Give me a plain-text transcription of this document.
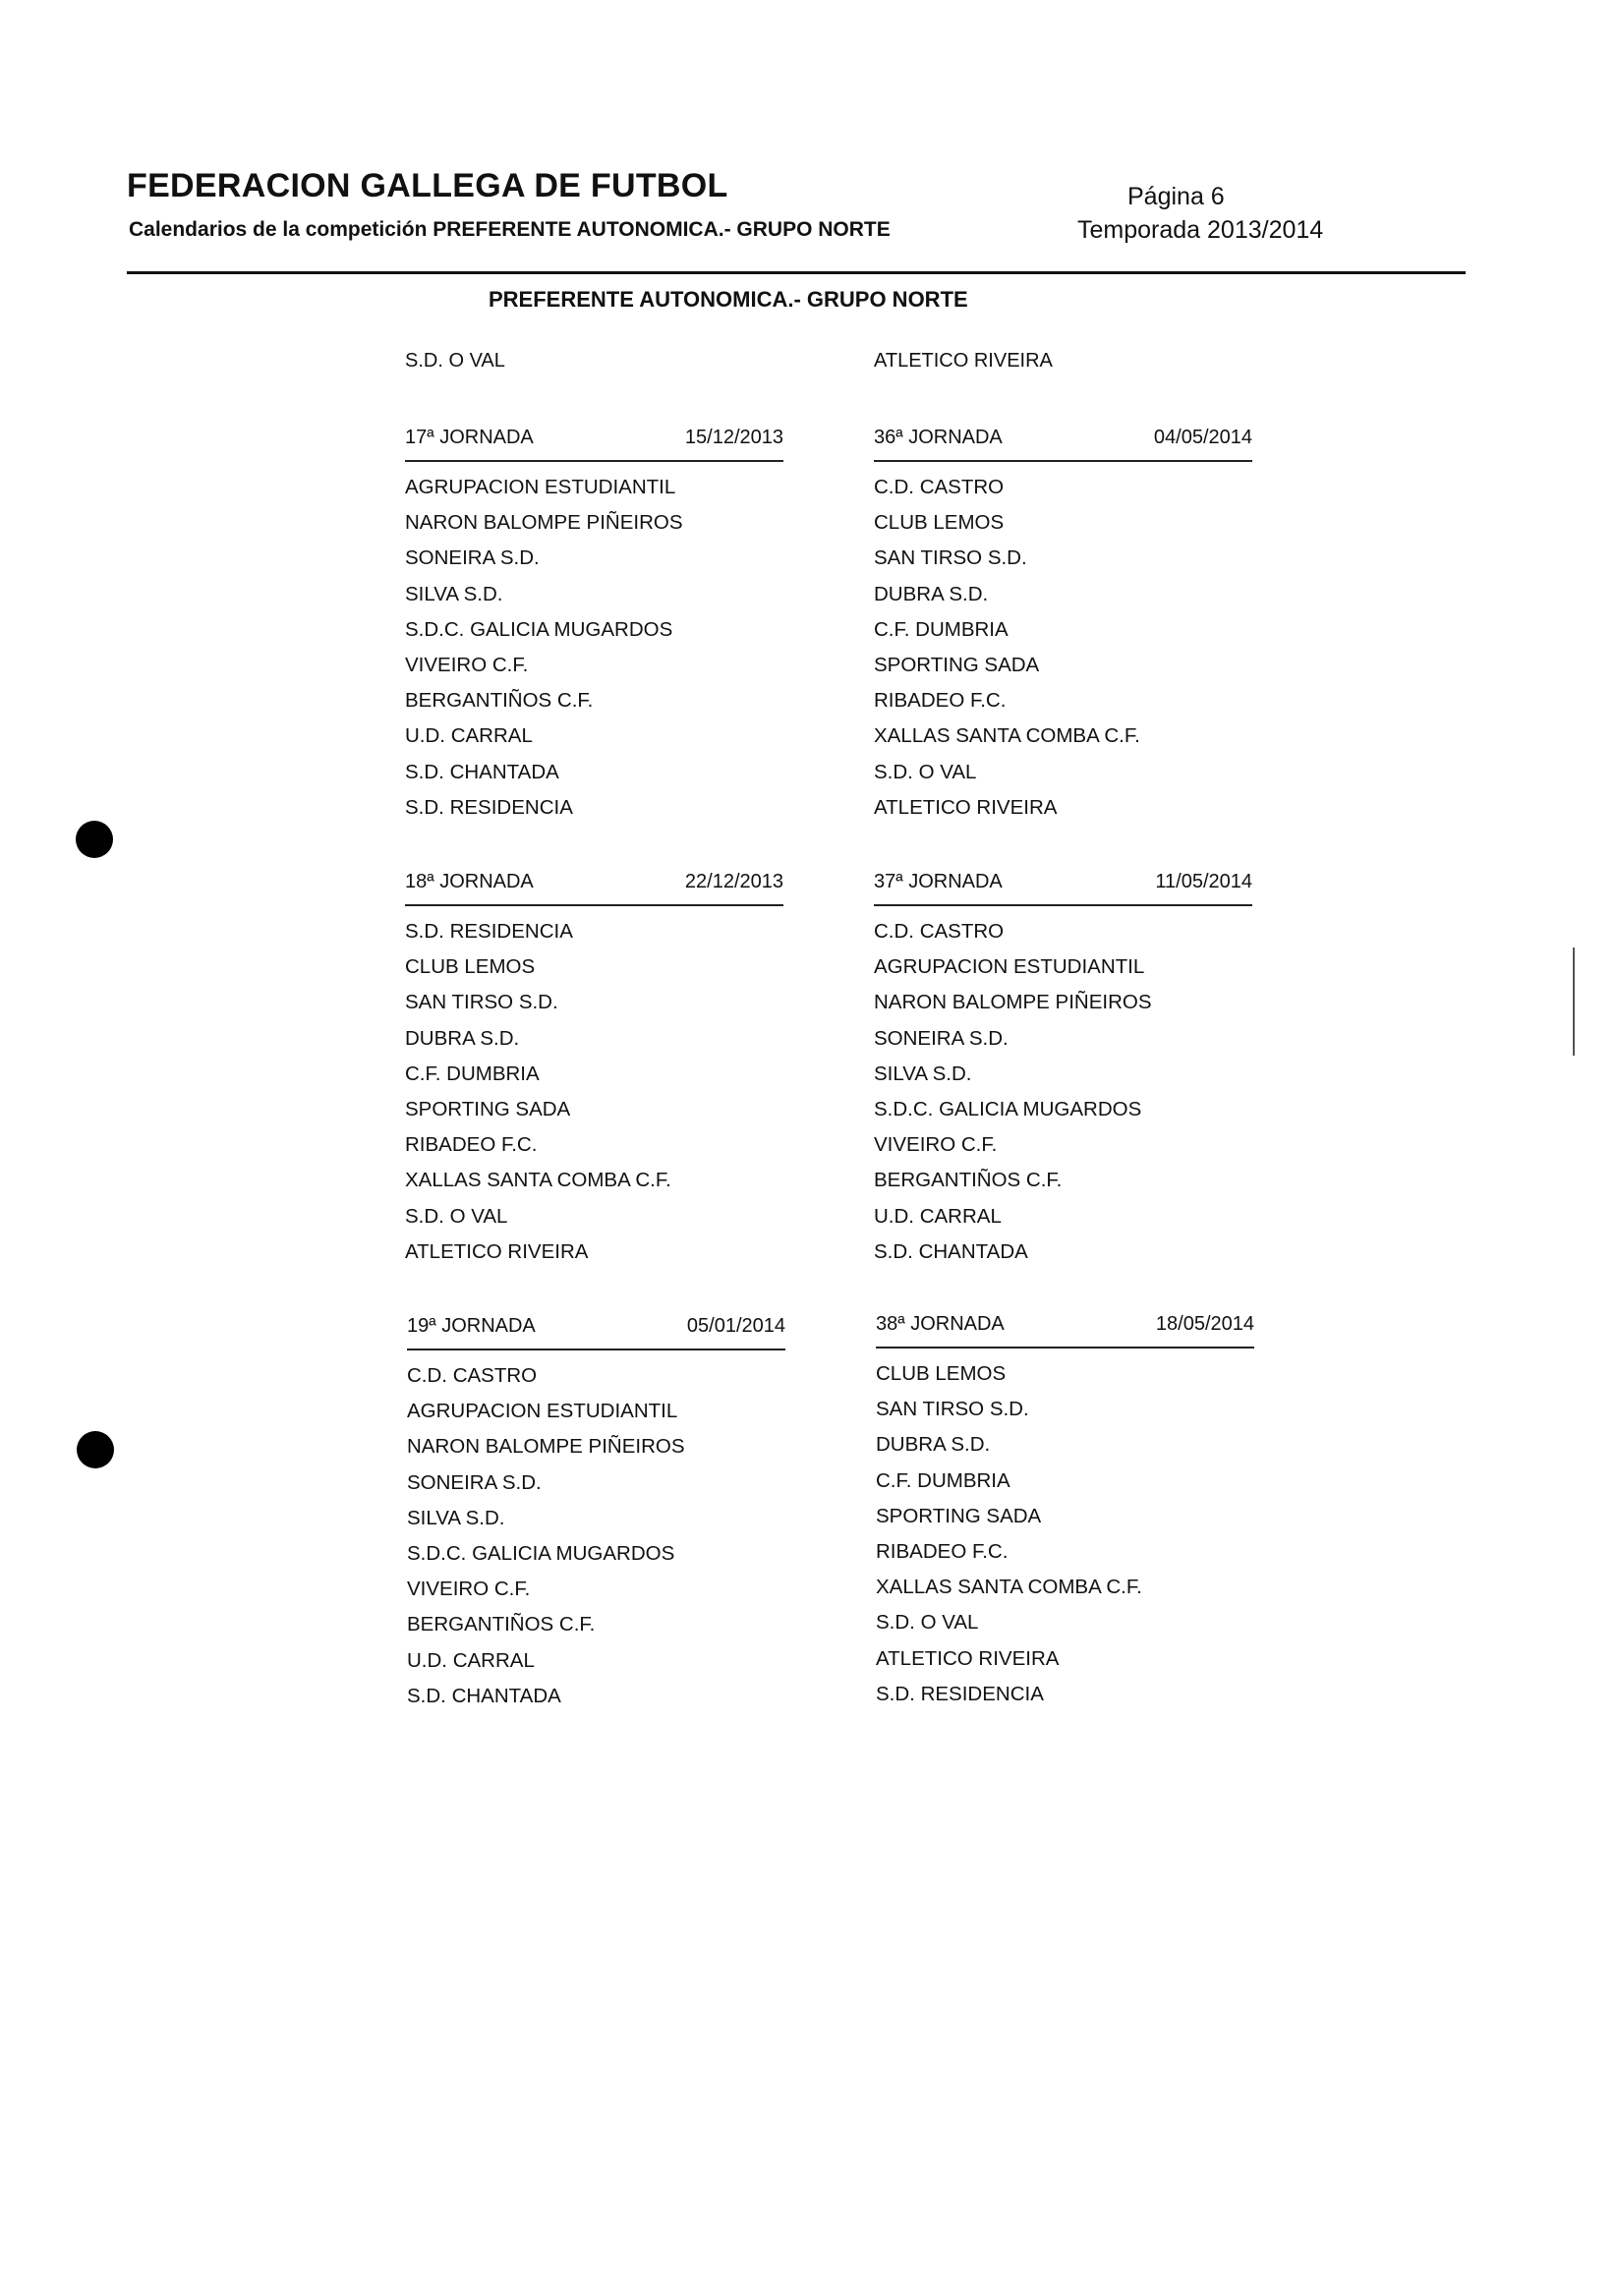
FEDERACION GALLEGA DE FUTBOL
Calendarios de la competición PREFERENTE AUTONOMICA.- GRUPO NORTE
Página 6
Temporada 2013/2014
PREFERENTE AUTONOMICA.- GRUPO NORTE
S.D. O VAL	ATLETICO RIVEIRA
17ª JORNADA	15/12/2013
AGRUPACION ESTUDIANTIL
NARON BALOMPE PIÑEIROS
SONEIRA S.D.
SILVA S.D.
S.D.C. GALICIA MUGARDOS
VIVEIRO C.F.
BERGANTIÑOS C.F.
U.D. CARRAL
S.D. CHANTADA
S.D. RESIDENCIA
36ª JORNADA	04/05/2014
C.D. CASTRO
CLUB LEMOS
SAN TIRSO S.D.
DUBRA S.D.
C.F. DUMBRIA
SPORTING SADA
RIBADEO F.C.
XALLAS SANTA COMBA C.F.
S.D. O VAL
ATLETICO RIVEIRA
18ª JORNADA	22/12/2013
S.D. RESIDENCIA
CLUB LEMOS
SAN TIRSO S.D.
DUBRA S.D.
C.F. DUMBRIA
SPORTING SADA
RIBADEO F.C.
XALLAS SANTA COMBA C.F.
S.D. O VAL
ATLETICO RIVEIRA
37ª JORNADA	11/05/2014
C.D. CASTRO
AGRUPACION ESTUDIANTIL
NARON BALOMPE PIÑEIROS
SONEIRA S.D.
SILVA S.D.
S.D.C. GALICIA MUGARDOS
VIVEIRO C.F.
BERGANTIÑOS C.F.
U.D. CARRAL
S.D. CHANTADA
19ª JORNADA	05/01/2014
C.D. CASTRO
AGRUPACION ESTUDIANTIL
NARON BALOMPE PIÑEIROS
SONEIRA S.D.
SILVA S.D.
S.D.C. GALICIA MUGARDOS
VIVEIRO C.F.
BERGANTIÑOS C.F.
U.D. CARRAL
S.D. CHANTADA
38ª JORNADA	18/05/2014
CLUB LEMOS
SAN TIRSO S.D.
DUBRA S.D.
C.F. DUMBRIA
SPORTING SADA
RIBADEO F.C.
XALLAS SANTA COMBA C.F.
S.D. O VAL
ATLETICO RIVEIRA
S.D. RESIDENCIA
